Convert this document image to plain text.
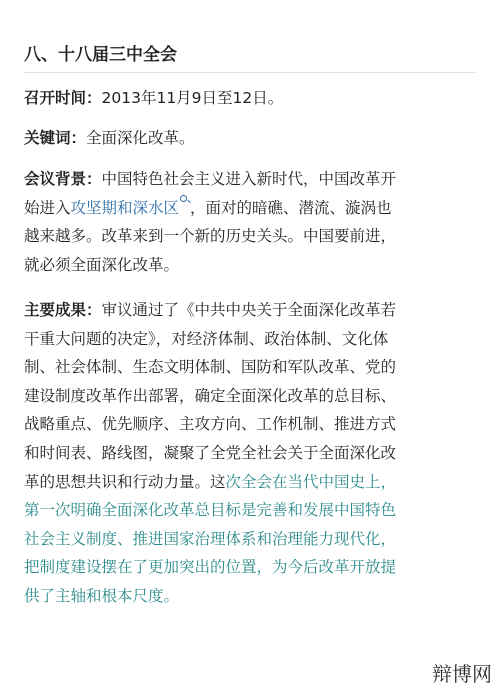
八、十八届三中全会

召开时间：2013年11月9日至12日。

关键词：全面深化改革。

会议背景：中国特色社会主义进入新时代，中国改革开
始进入攻坚期和深水区 ，面对的暗礁、潜流、漩涡也
越来越多。改革来到一个新的历史关头。中国要前进，
就必须全面深化改革。

主要成果：审议通过了《中共中央关于全面深化改革若
干重大问题的决定》，对经济体制、政治体制、文化体
制、社会体制、生态文明体制、国防和军队改革、党的
建设制度改革作出部署，确定全面深化改革的总目标、
战略重点、优先顺序、主攻方向、工作机制、推进方式
和时间表、路线图，凝聚了全党全社会关于全面深化改
革的思想共识和行动力量。这次全会在当代中国史上，
第一次明确全面深化改革总目标是完善和发展中国特色
社会主义制度、推进国家治理体系和治理能力现代化，
把制度建设摆在了更加突出的位置，为今后改革开放提
供了主轴和根本尺度。

辩博网
